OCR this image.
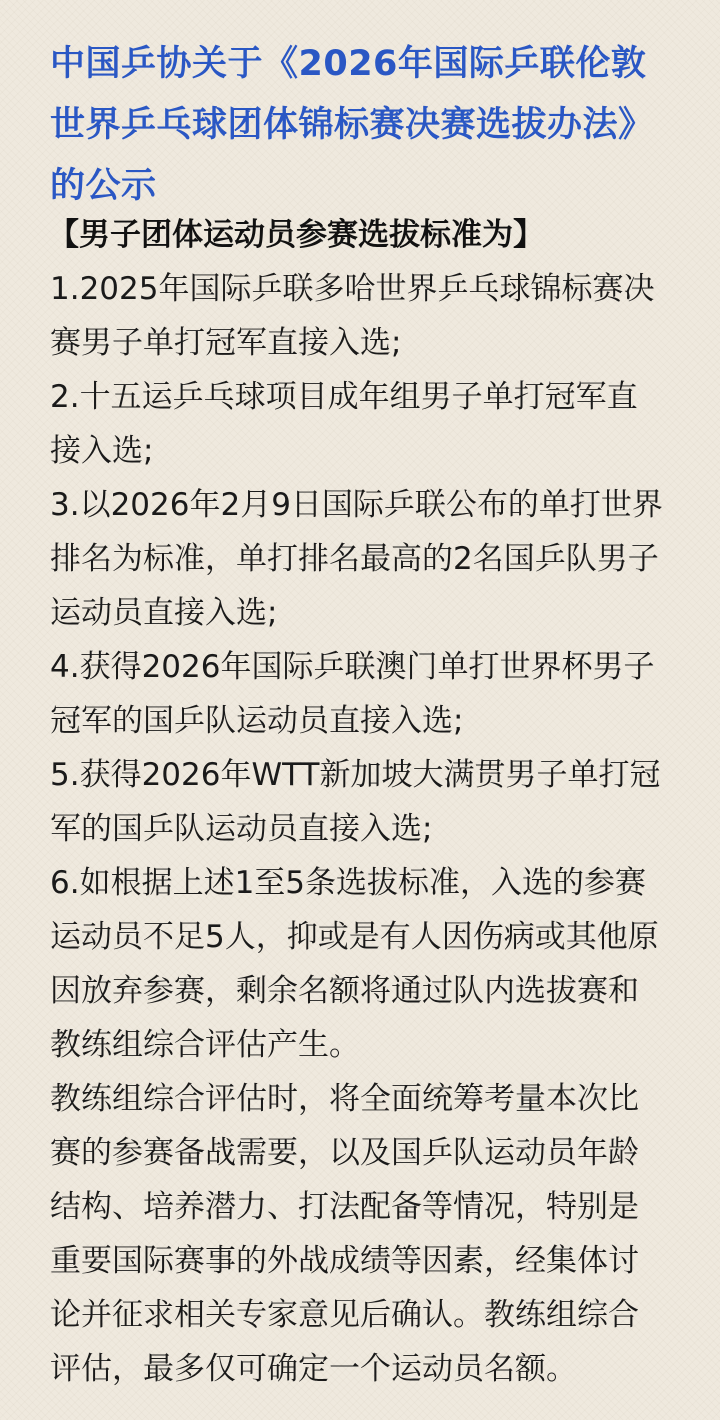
中国乒协关于《2026年国际乒联伦敦
世界乒乓球团体锦标赛决赛选拔办法》
的公示
【男子团体运动员参赛选拔标准为】
1.2025年国际乒联多哈世界乒乓球锦标赛决
赛男子单打冠军直接入选;
2.十五运乒乓球项目成年组男子单打冠军直
接入选;
3.以2026年2月9日国际乒联公布的单打世界
排名为标准，单打排名最高的2名国乒队男子
运动员直接入选;
4.获得2026年国际乒联澳门单打世界杯男子
冠军的国乒队运动员直接入选;
5.获得2026年WTT新加坡大满贯男子单打冠
军的国乒队运动员直接入选;
6.如根据上述1至5条选拔标准，入选的参赛
运动员不足5人，抑或是有人因伤病或其他原
因放弃参赛，剩余名额将通过队内选拔赛和
教练组综合评估产生。
教练组综合评估时，将全面统筹考量本次比
赛的参赛备战需要，以及国乒队运动员年龄
结构、培养潜力、打法配备等情况，特别是
重要国际赛事的外战成绩等因素，经集体讨
论并征求相关专家意见后确认。教练组综合
评估，最多仅可确定一个运动员名额。
